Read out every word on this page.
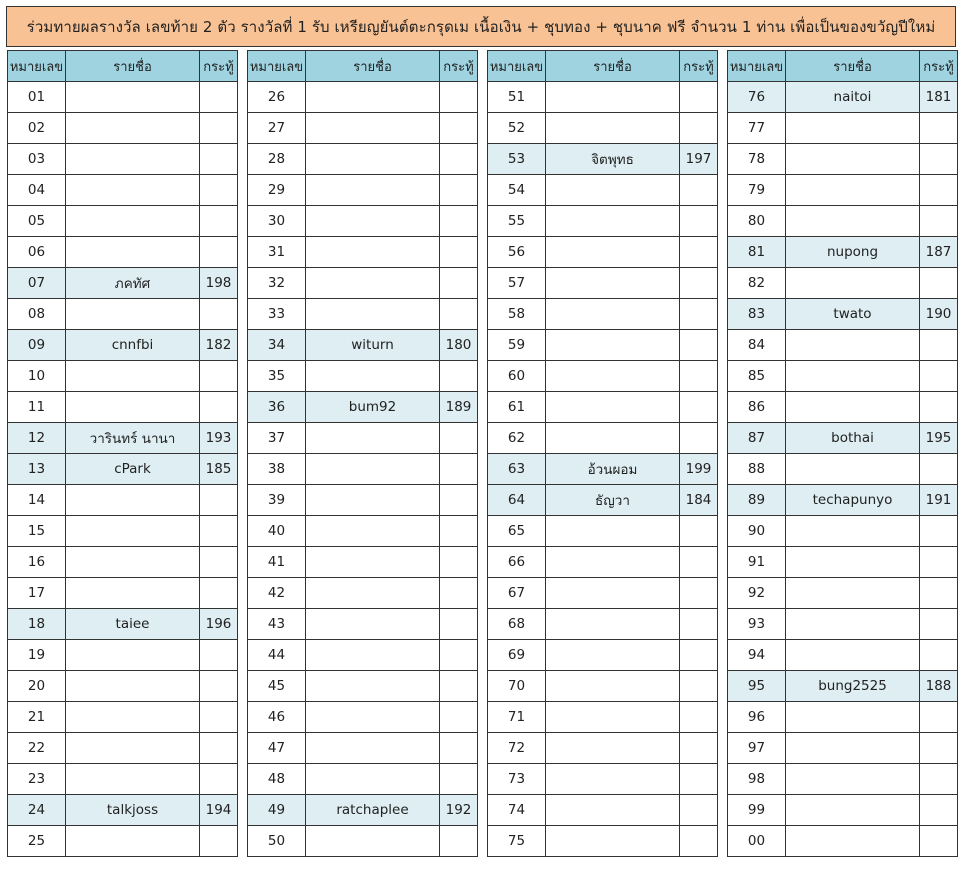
ร่วมทายผลรางวัล เลขท้าย 2 ตัว รางวัลที่ 1 รับ เหรียญยันต์ตะกรุดเม เนื้อเงิน + ชุบทอง + ชุบนาค ฟรี จำนวน 1 ท่าน เพื่อเป็นของขวัญปีใหม่
หมายเลข	รายชื่อ	กระทู้
01		
02		
03		
04		
05		
06		
07	ภคทัศ	198
08		
09	cnnfbi	182
10		
11		
12	วารินทร์ นานา	193
13	cPark	185
14		
15		
16		
17		
18	taiee	196
19		
20		
21		
22		
23		
24	talkjoss	194
25		
หมายเลข	รายชื่อ	กระทู้
26		
27		
28		
29		
30		
31		
32		
33		
34	witurn	180
35		
36	bum92	189
37		
38		
39		
40		
41		
42		
43		
44		
45		
46		
47		
48		
49	ratchaplee	192
50		
หมายเลข	รายชื่อ	กระทู้
51		
52		
53	จิตพุทธ	197
54		
55		
56		
57		
58		
59		
60		
61		
62		
63	อ้วนผอม	199
64	ธัญวา	184
65		
66		
67		
68		
69		
70		
71		
72		
73		
74		
75		
หมายเลข	รายชื่อ	กระทู้
76	naitoi	181
77		
78		
79		
80		
81	nupong	187
82		
83	twato	190
84		
85		
86		
87	bothai	195
88		
89	techapunyo	191
90		
91		
92		
93		
94		
95	bung2525	188
96		
97		
98		
99		
00		
